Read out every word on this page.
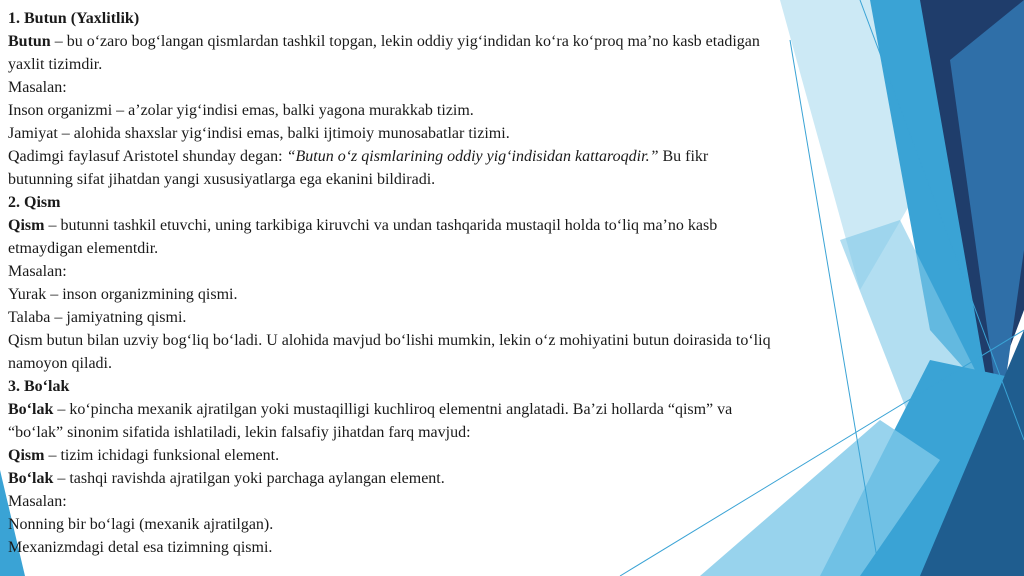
1. Butun (Yaxlitlik)
Butun – bu o‘zaro bog‘langan qismlardan tashkil topgan, lekin oddiy yig‘indidan ko‘ra ko‘proq ma’no kasb etadigan
yaxlit tizimdir.
Masalan:
Inson organizmi – a’zolar yig‘indisi emas, balki yagona murakkab tizim.
Jamiyat – alohida shaxslar yig‘indisi emas, balki ijtimoiy munosabatlar tizimi.
Qadimgi faylasuf Aristotel shunday degan: “Butun o‘z qismlarining oddiy yig‘indisidan kattaroqdir.” Bu fikr
butunning sifat jihatdan yangi xususiyatlarga ega ekanini bildiradi.
2. Qism
Qism – butunni tashkil etuvchi, uning tarkibiga kiruvchi va undan tashqarida mustaqil holda to‘liq ma’no kasb
etmaydigan elementdir.
Masalan:
Yurak – inson organizmining qismi.
Talaba – jamiyatning qismi.
Qism butun bilan uzviy bog‘liq bo‘ladi. U alohida mavjud bo‘lishi mumkin, lekin o‘z mohiyatini butun doirasida to‘liq
namoyon qiladi.
3. Bo‘lak
Bo‘lak – ko‘pincha mexanik ajratilgan yoki mustaqilligi kuchliroq elementni anglatadi. Ba’zi hollarda “qism” va
“bo‘lak” sinonim sifatida ishlatiladi, lekin falsafiy jihatdan farq mavjud:
Qism – tizim ichidagi funksional element.
Bo‘lak – tashqi ravishda ajratilgan yoki parchaga aylangan element.
Masalan:
Nonning bir bo‘lagi (mexanik ajratilgan).
Mexanizmdagi detal esa tizimning qismi.
